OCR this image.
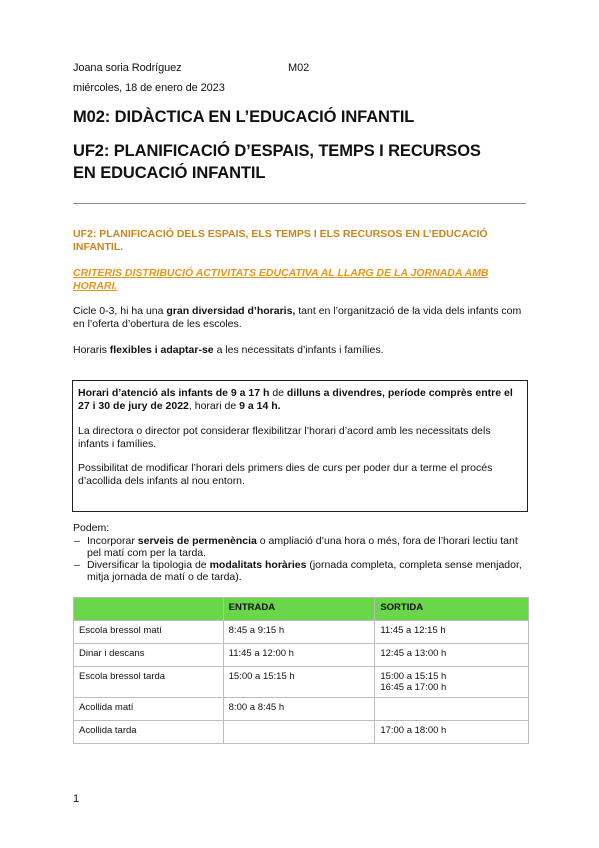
Joana soria Rodríguez	M02
miércoles, 18 de enero de 2023
M02: DIDÀCTICA EN L’EDUCACIÓ INFANTIL
UF2: PLANIFICACIÓ D’ESPAIS, TEMPS I RECURSOS
EN EDUCACIÓ INFANTIL
UF2: PLANIFICACIÓ DELS ESPAIS, ELS TEMPS I ELS RECURSOS EN L’EDUCACIÓ INFANTIL.
CRITERIS DISTRIBUCIÓ ACTIVITATS EDUCATIVA AL LLARG DE LA JORNADA AMB HORARI.
Cicle 0-3, hi ha una gran diversidad d’horaris, tant en l’organització de la vida dels infants com en l’oferta d’obertura de les escoles.
Horaris flexibles i adaptar-se a les necessitats d’infants i famílies.
Horari d’atenció als infants de 9 a 17 h de dilluns a divendres, període comprès entre el 27 i 30 de jury de 2022, horari de 9 a 14 h.
La directora o director pot considerar flexibilitzar l’horari d’acord amb les necessitats dels infants i famílies.
Possibilitat de modificar l’horari dels primers dies de curs per poder dur a terme el procés d’acollida dels infants al nou entorn.
Podem:
– Incorporar serveis de permenència o ampliació d’una hora o més, fora de l’horari lectiu tant pel matí com per la tarda.
– Diversificar la tipologia de modalitats horàries (jornada completa, completa sense menjador, mitja jornada de matí o de tarda).
	ENTRADA	SORTIDA
Escola bressol matí	8:45 a 9:15 h	11:45 a 12:15 h
Dinar i descans	11:45 a 12:00 h	12:45 a 13:00 h
Escola bressol tarda	15:00 a 15:15 h	15:00 a 15:15 h
16:45 a 17:00 h

Acollida matí	8:00 a 8:45 h	
Acollida tarda		17:00 a 18:00 h
1
